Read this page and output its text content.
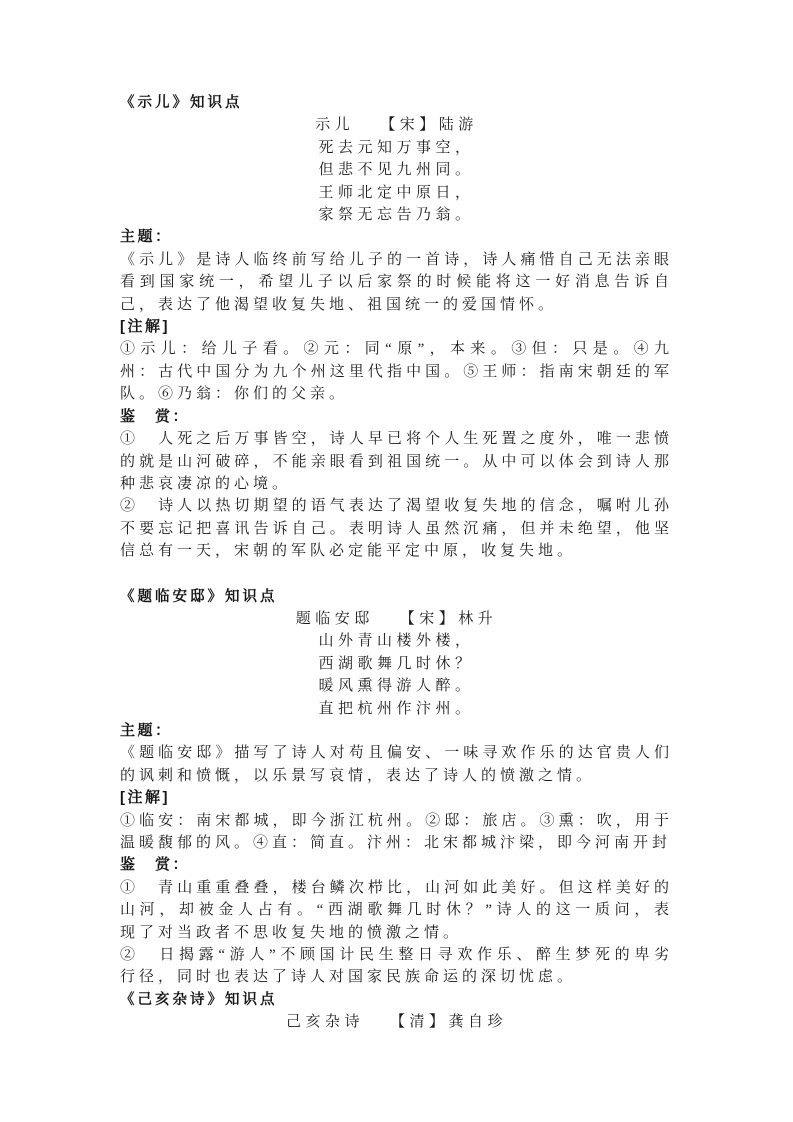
《示儿》知识点
示儿 【宋】陆游
死去元知万事空，
但悲不见九州同。
王师北定中原日，
家祭无忘告乃翁。

主题：

《示儿》是诗人临终前写给儿子的一首诗，诗人痛惜自己无法亲眼看到国家统一，希望儿子以后家祭的时候能将这一好消息告诉自己，表达了他渴望收复失地、祖国统一的爱国情怀。

[注解]

①示儿：给儿子看。②元：同“原”，本来。③但：只是。④九州：古代中国分为九个州这里代指中国。⑤王师：指南宋朝廷的军队。⑥乃翁：你们的父亲。

鉴　赏：

①　人死之后万事皆空，诗人早已将个人生死置之度外，唯一悲愤的就是山河破碎，不能亲眼看到祖国统一。从中可以体会到诗人那种悲哀凄凉的心境。

②　诗人以热切期望的语气表达了渴望收复失地的信念，嘱咐儿孙不要忘记把喜讯告诉自己。表明诗人虽然沉痛，但并未绝望，他坚信总有一天，宋朝的军队必定能平定中原，收复失地。

《题临安邸》知识点
题临安邸 【宋】林升
山外青山楼外楼，
西湖歌舞几时休？
暖风熏得游人醉。
直把杭州作汴州。

主题：

《题临安邸》描写了诗人对苟且偏安、一味寻欢作乐的达官贵人们的讽刺和愤慨，以乐景写哀情，表达了诗人的愤激之情。

[注解]

①临安：南宋都城，即今浙江杭州。②邸：旅店。③熏：吹，用于温暖馥郁的风。④直：简直。汴州：北宋都城汴梁，即今河南开封

鉴　赏：

①　青山重重叠叠，楼台鳞次栉比，山河如此美好。但这样美好的山河，却被金人占有。“西湖歌舞几时休？”诗人的这一质问，表现了对当政者不思收复失地的愤激之情。

②　日揭露“游人”不顾国计民生整日寻欢作乐、醉生梦死的卑劣行径，同时也表达了诗人对国家民族命运的深切忧虑。

《己亥杂诗》知识点
己亥杂诗 【清】龚自珍
